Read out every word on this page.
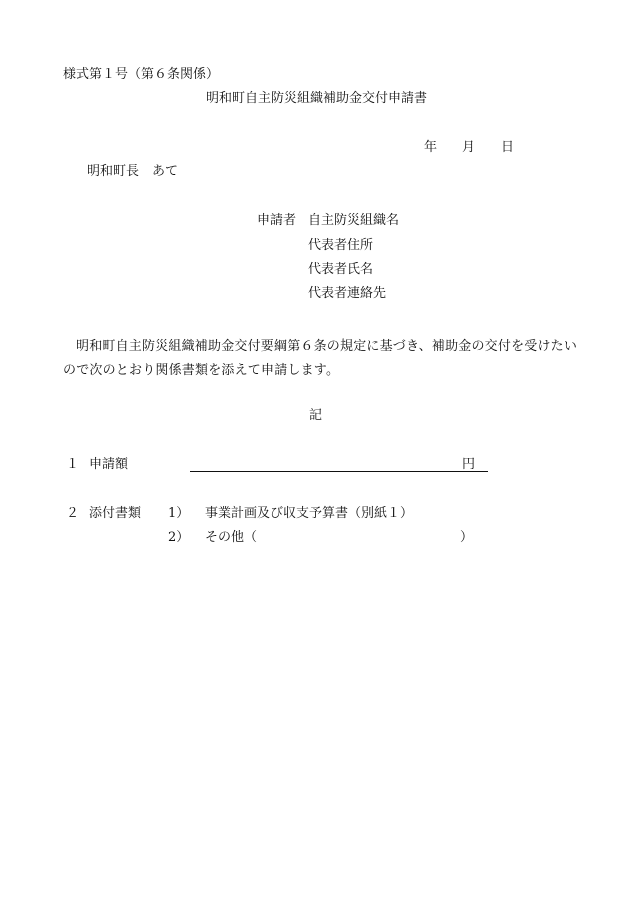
様式第１号（第６条関係）
明和町自主防災組織補助金交付申請書
年 月 日
明和町長　あて
申請者 自主防災組織名
代表者住所
代表者氏名
代表者連絡先
明和町自主防災組織補助金交付要綱第６条の規定に基づき、補助金の交付を受けたいので次のとおり関係書類を添えて申請します。
記
１ 申請額	円
２ 添付書類 1） 事業計画及び収支予算書（別紙１）
2） その他（	）
